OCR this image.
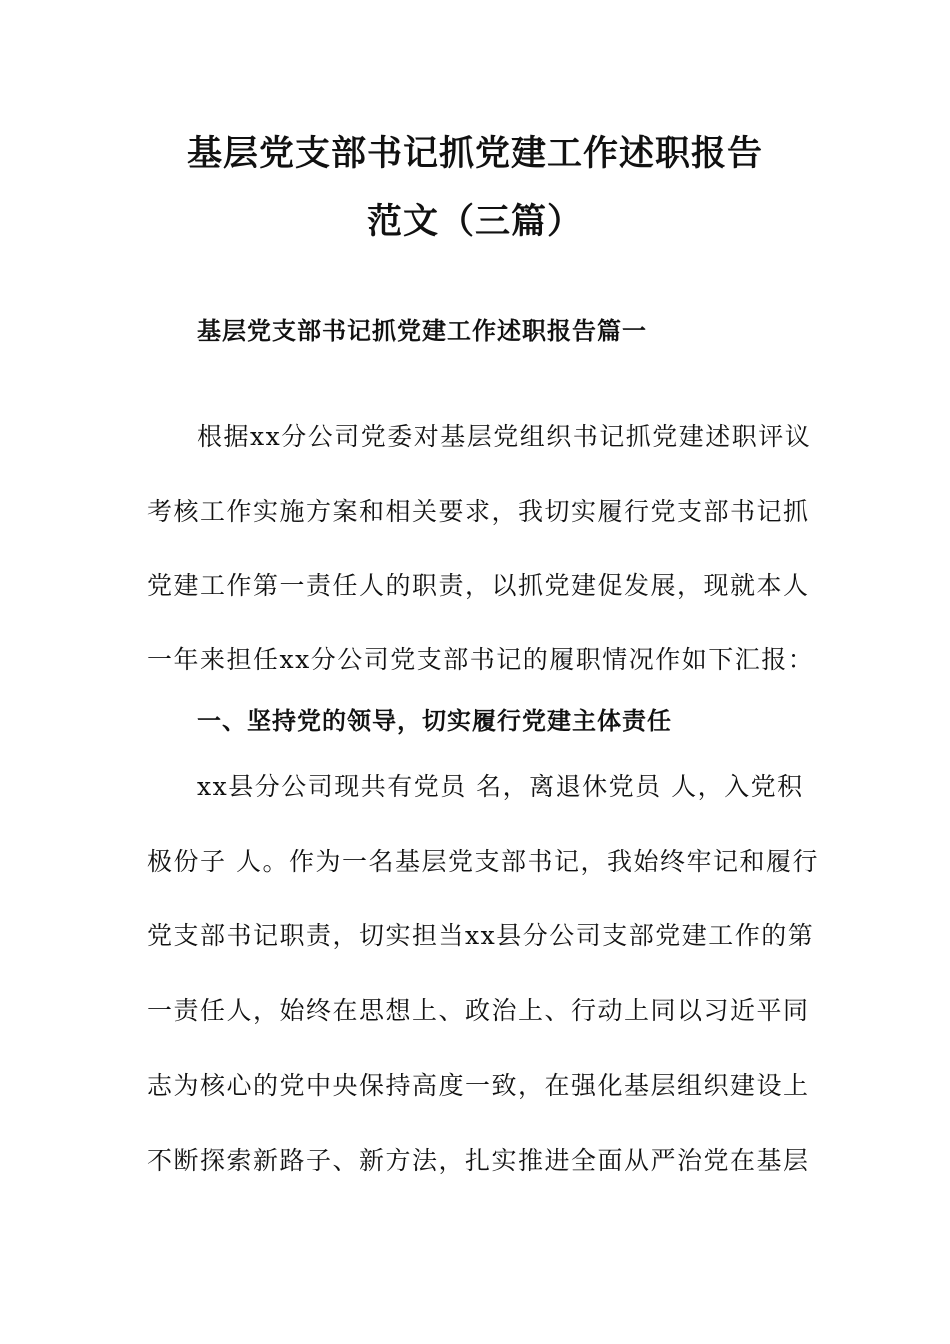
基层党支部书记抓党建工作述职报告
范文（三篇）
基层党支部书记抓党建工作述职报告篇一
根据xx分公司党委对基层党组织书记抓党建述职评议
考核工作实施方案和相关要求，我切实履行党支部书记抓
党建工作第一责任人的职责，以抓党建促发展，现就本人
一年来担任xx分公司党支部书记的履职情况作如下汇报：
一、坚持党的领导，切实履行党建主体责任
xx县分公司现共有党员 名，离退休党员 人，入党积
极份子 人。作为一名基层党支部书记，我始终牢记和履行
党支部书记职责，切实担当xx县分公司支部党建工作的第
一责任人，始终在思想上、政治上、行动上同以习近平同
志为核心的党中央保持高度一致，在强化基层组织建设上
不断探索新路子、新方法，扎实推进全面从严治党在基层
